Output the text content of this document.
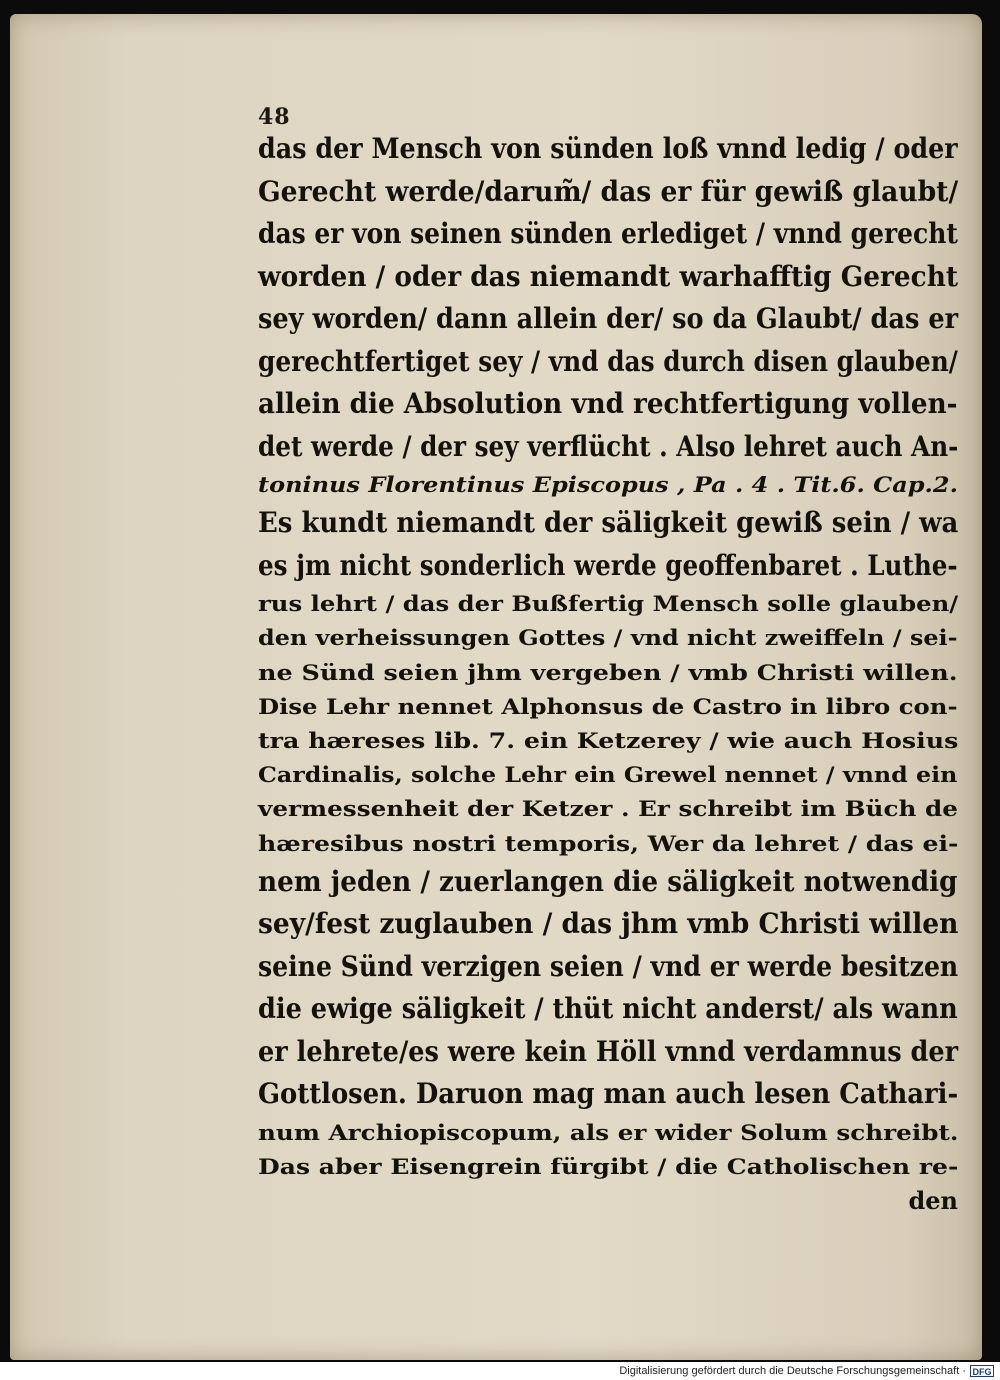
48
das der Mensch von sünden loß vnnd ledig / oder
Gerecht werde/darum̃/ das er für gewiß glaubt/
das er von seinen sünden erlediget / vnnd gerecht
worden / oder das niemandt warhafftig Gerecht
sey worden/ dann allein der/ so da Glaubt/ das er
gerechtfertiget sey / vnd das durch disen glauben/
allein die Absolution vnd rechtfertigung vollen-
det werde / der sey verflücht . Also lehret auch An-
toninus Florentinus Episcopus , Pa . 4 . Tit.6. Cap.2.
Es kundt niemandt der säligkeit gewiß sein / wa
es jm nicht sonderlich werde geoffenbaret . Luthe-
rus lehrt / das der Bußfertig Mensch solle glauben/
den verheissungen Gottes / vnd nicht zweiffeln / sei-
ne Sünd seien jhm vergeben / vmb Christi willen.
Dise Lehr nennet Alphonsus de Castro in libro con-
tra hæreses lib. 7. ein Ketzerey / wie auch Hosius
Cardinalis, solche Lehr ein Grewel nennet / vnnd ein
vermessenheit der Ketzer . Er schreibt im Büch de
hæresibus nostri temporis, Wer da lehret / das ei-
nem jeden / zuerlangen die säligkeit notwendig
sey/fest zuglauben / das jhm vmb Christi willen
seine Sünd verzigen seien / vnd er werde besitzen
die ewige säligkeit / thüt nicht anderst/ als wann
er lehrete/es were kein Höll vnnd verdamnus der
Gottlosen. Daruon mag man auch lesen Cathari-
num Archiopiscopum, als er wider Solum schreibt.
Das aber Eisengrein fürgibt / die Catholischen re-
den
Digitalisierung gefördert durch die Deutsche Forschungsgemeinschaft · DFG
